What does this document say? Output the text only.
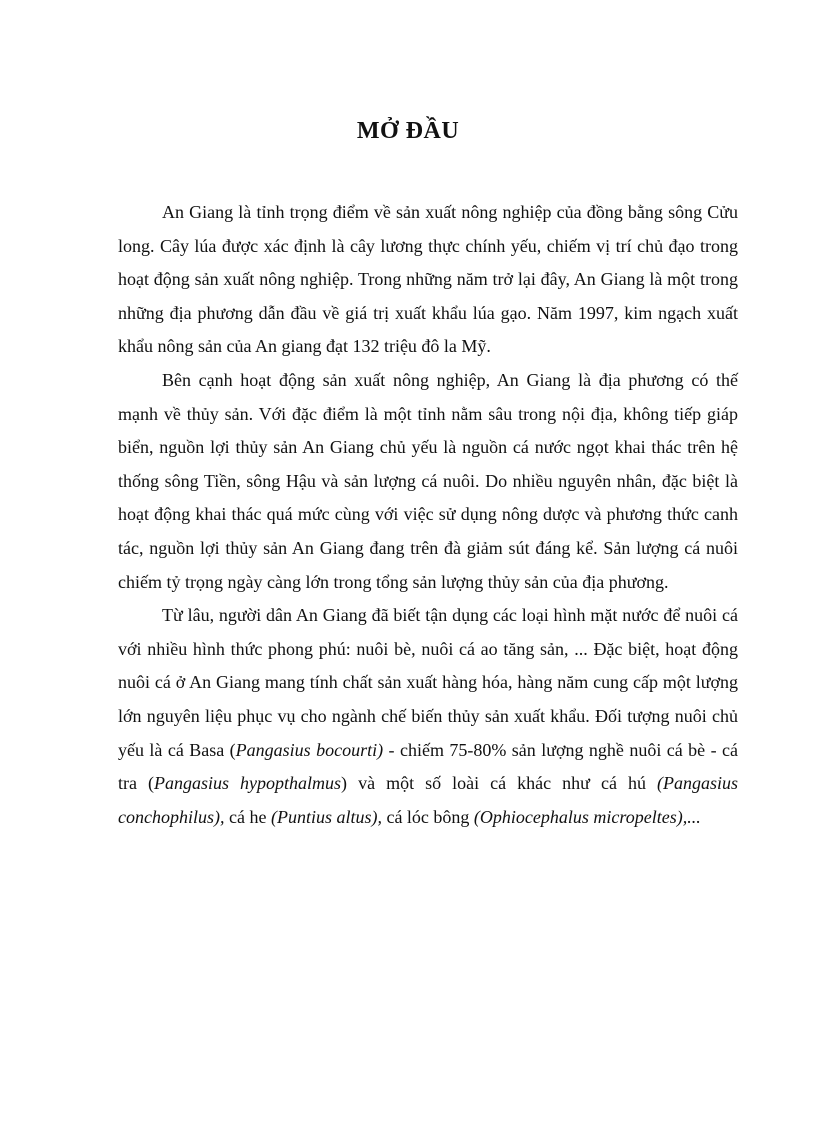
MỞ ĐẦU

An Giang là tỉnh trọng điểm về sản xuất nông nghiệp của đồng bằng sông Cửu long. Cây lúa được xác định là cây lương thực chính yếu, chiếm vị trí chủ đạo trong hoạt động sản xuất nông nghiệp. Trong những năm trở lại đây, An Giang là một trong những địa phương dẫn đầu về giá trị xuất khẩu lúa gạo. Năm 1997, kim ngạch xuất khẩu nông sản của An giang đạt 132 triệu đô la Mỹ.

Bên cạnh hoạt động sản xuất nông nghiệp, An Giang là địa phương có thế mạnh về thủy sản. Với đặc điểm là một tỉnh nằm sâu trong nội địa, không tiếp giáp biển, nguồn lợi thủy sản An Giang chủ yếu là nguồn cá nước ngọt khai thác trên hệ thống sông Tiền, sông Hậu và sản lượng cá nuôi. Do nhiều nguyên nhân, đặc biệt là hoạt động khai thác quá mức cùng với việc sử dụng nông dược và phương thức canh tác, nguồn lợi thủy sản An Giang đang trên đà giảm sút đáng kể. Sản lượng cá nuôi chiếm tỷ trọng ngày càng lớn trong tổng sản lượng thủy sản của địa phương.

Từ lâu, người dân An Giang đã biết tận dụng các loại hình mặt nước để nuôi cá với nhiều hình thức phong phú: nuôi bè, nuôi cá ao tăng sản, ... Đặc biệt, hoạt động nuôi cá ở An Giang mang tính chất sản xuất hàng hóa, hàng năm cung cấp một lượng lớn nguyên liệu phục vụ cho ngành chế biến thủy sản xuất khẩu. Đối tượng nuôi chủ yếu là cá Basa (Pangasius bocourti) - chiếm 75-80% sản lượng nghề nuôi cá bè - cá tra (Pangasius hypopthalmus) và một số loài cá khác như cá hú (Pangasius conchophilus), cá he (Puntius altus), cá lóc bông (Ophiocephalus micropeltes),...
